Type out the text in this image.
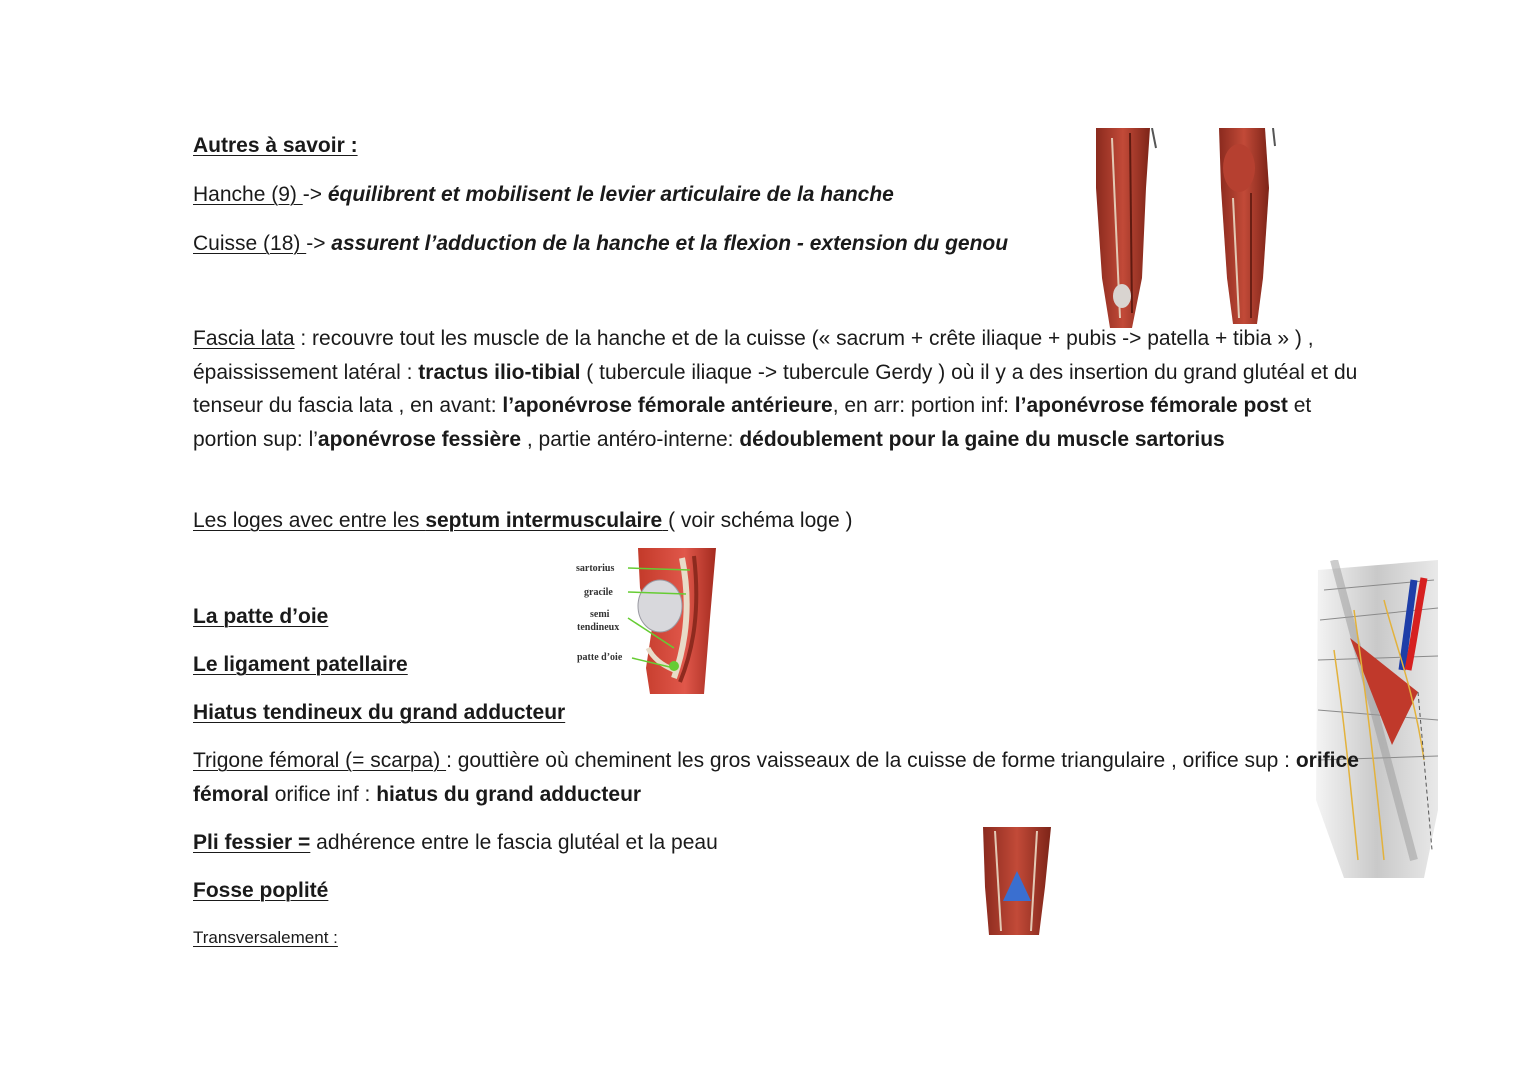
Autres à savoir :
Hanche (9) -> équilibrent et mobilisent le levier articulaire de la hanche
Cuisse (18) -> assurent l’adduction de la hanche et la flexion - extension du genou
Fascia lata : recouvre tout les muscle de la hanche et de la cuisse (« sacrum + crête iliaque + pubis -> patella + tibia » ) , épaississement latéral : tractus ilio-tibial ( tubercule iliaque -> tubercule Gerdy ) où il y a des insertion du grand glutéal et du tenseur du fascia lata , en avant: l’aponévrose fémorale antérieure, en arr: portion inf: l’aponévrose fémorale post et portion sup: l’aponévrose fessière , partie antéro-interne: dédoublement pour la gaine du muscle sartorius
Les loges avec entre les septum intermusculaire ( voir schéma loge )
sartorius
gracile
semi
tendineux
patte d’oie
La patte d’oie
Le ligament patellaire
Hiatus tendineux du grand adducteur
Trigone fémoral (= scarpa) : gouttière où cheminent les gros vaisseaux de la cuisse de forme triangulaire , orifice sup : orifice fémoral orifice inf : hiatus du grand adducteur
Pli fessier = adhérence entre le fascia glutéal et la peau
Fosse poplité
Transversalement :
